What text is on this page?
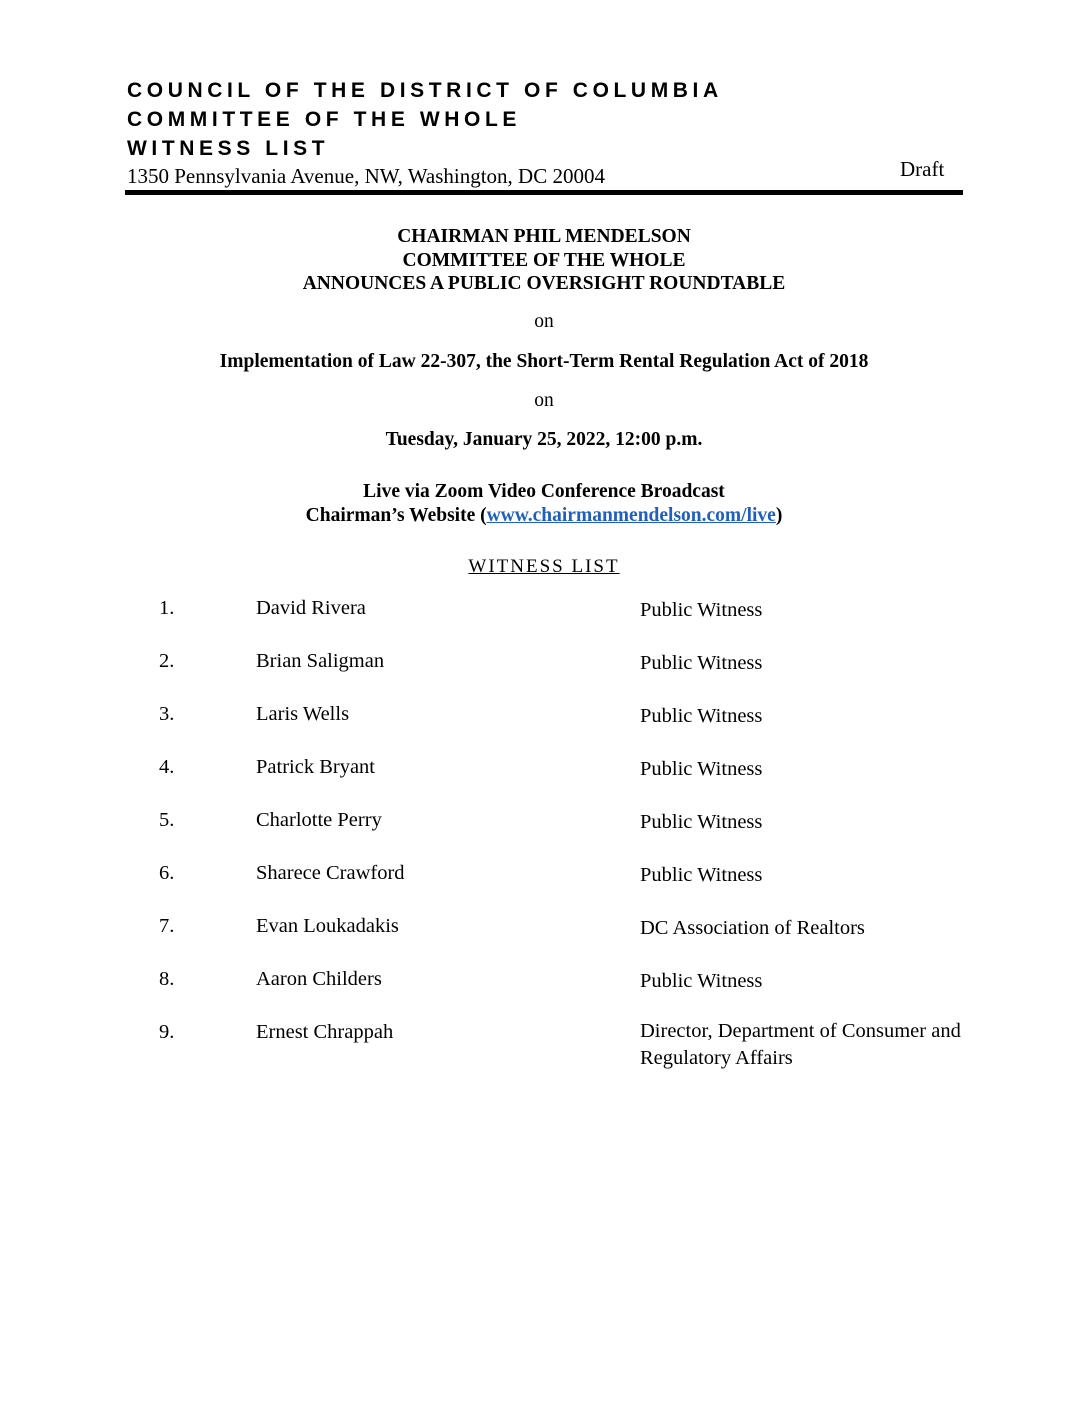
COUNCIL OF THE DISTRICT OF COLUMBIA
COMMITTEE OF THE WHOLE
WITNESS LIST
1350 Pennsylvania Avenue, NW, Washington, DC 20004	Draft
CHAIRMAN PHIL MENDELSON
COMMITTEE OF THE WHOLE
ANNOUNCES A PUBLIC OVERSIGHT ROUNDTABLE
on
Implementation of Law 22-307, the Short-Term Rental Regulation Act of 2018
on
Tuesday, January 25, 2022, 12:00 p.m.
Live via Zoom Video Conference Broadcast
Chairman’s Website (www.chairmanmendelson.com/live)
WITNESS LIST
1.	David Rivera	Public Witness
2.	Brian Saligman	Public Witness
3.	Laris Wells	Public Witness
4.	Patrick Bryant	Public Witness
5.	Charlotte Perry	Public Witness
6.	Sharece Crawford	Public Witness
7.	Evan Loukadakis	DC Association of Realtors
8.	Aaron Childers	Public Witness
9.	Ernest Chrappah	Director, Department of Consumer and Regulatory Affairs
